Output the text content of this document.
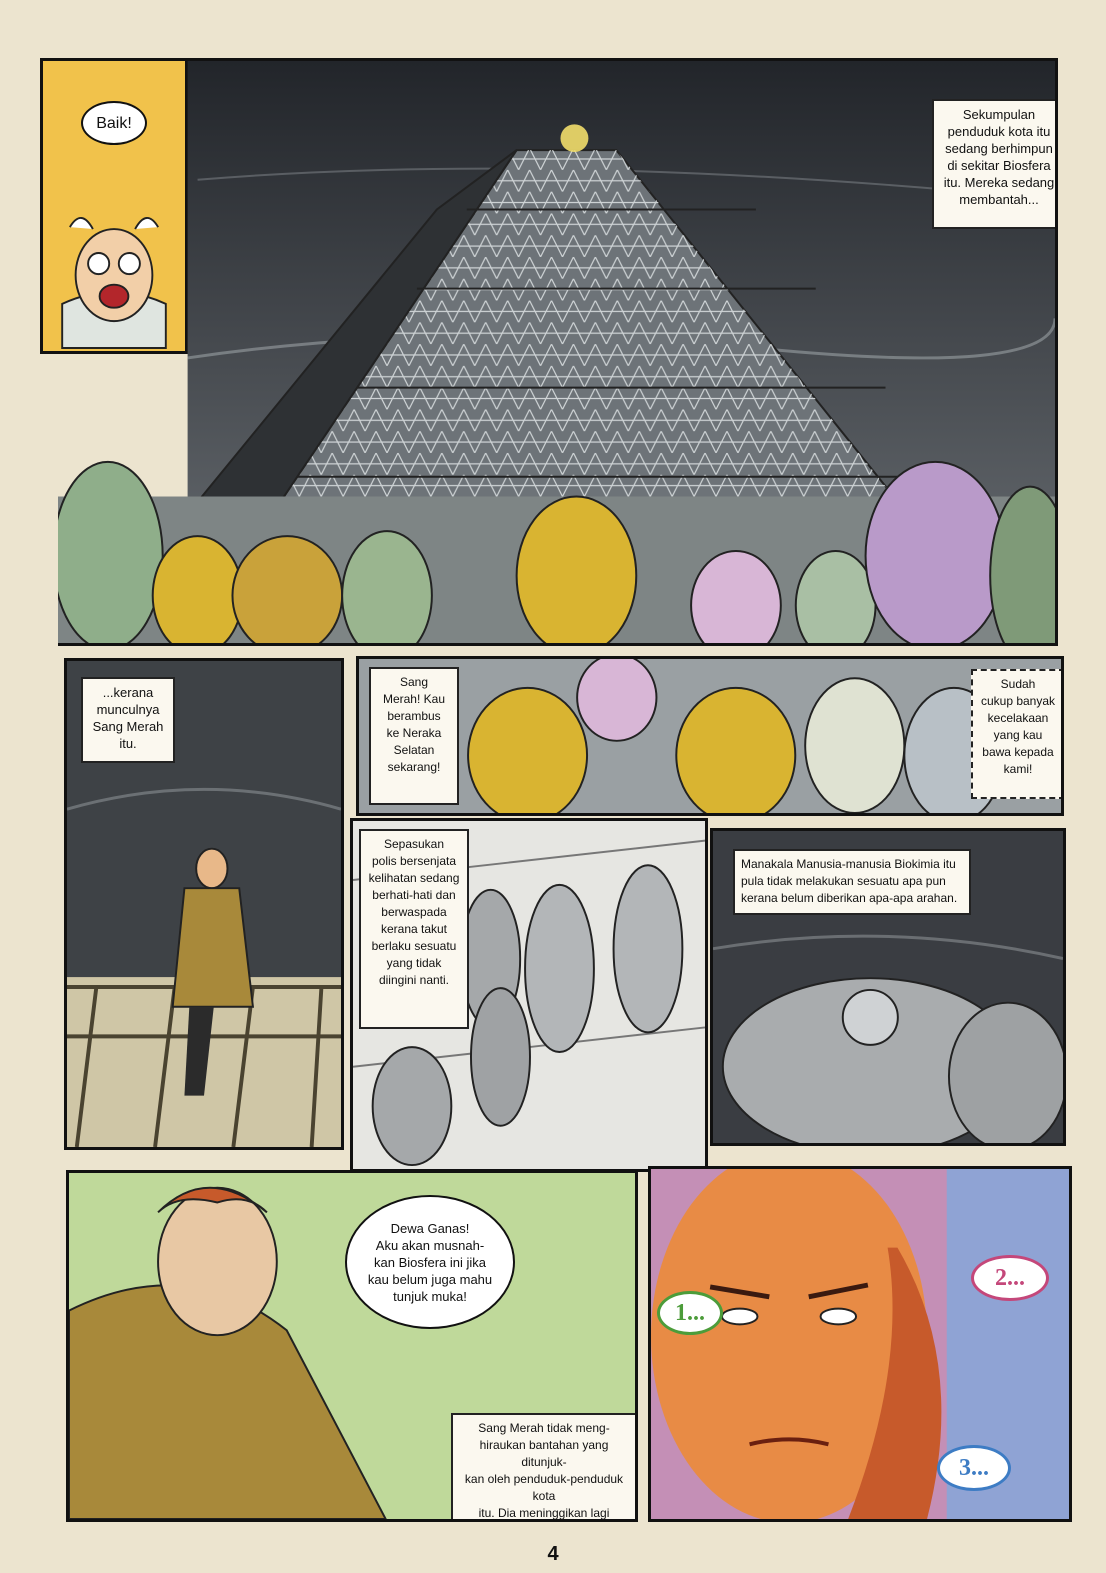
Baik!	Sekumpulan
penduduk kota itu
sedang berhimpun
di sekitar Biosfera
itu. Mereka sedang
membantah...
...kerana
munculnya
Sang Merah
itu.
Sang
Merah! Kau
berambus
ke Neraka
Selatan
sekarang!
Sudah
cukup banyak
kecelakaan
yang kau
bawa kepada
kami!
Sepasukan
polis bersenjata
kelihatan sedang
berhati-hati dan
berwaspada
kerana takut
berlaku sesuatu
yang tidak
diingini nanti.
Manakala Manusia-manusia Biokimia itu
pula tidak melakukan sesuatu apa pun
kerana belum diberikan apa-apa arahan.
Dewa Ganas!
Aku akan musnah-
kan Biosfera ini jika
kau belum juga mahu
tunjuk muka!
Sang Merah tidak meng-
hiraukan bantahan yang ditunjuk-
kan oleh penduduk-penduduk kota
itu. Dia meninggikan lagi

1...
2...
3...
4
